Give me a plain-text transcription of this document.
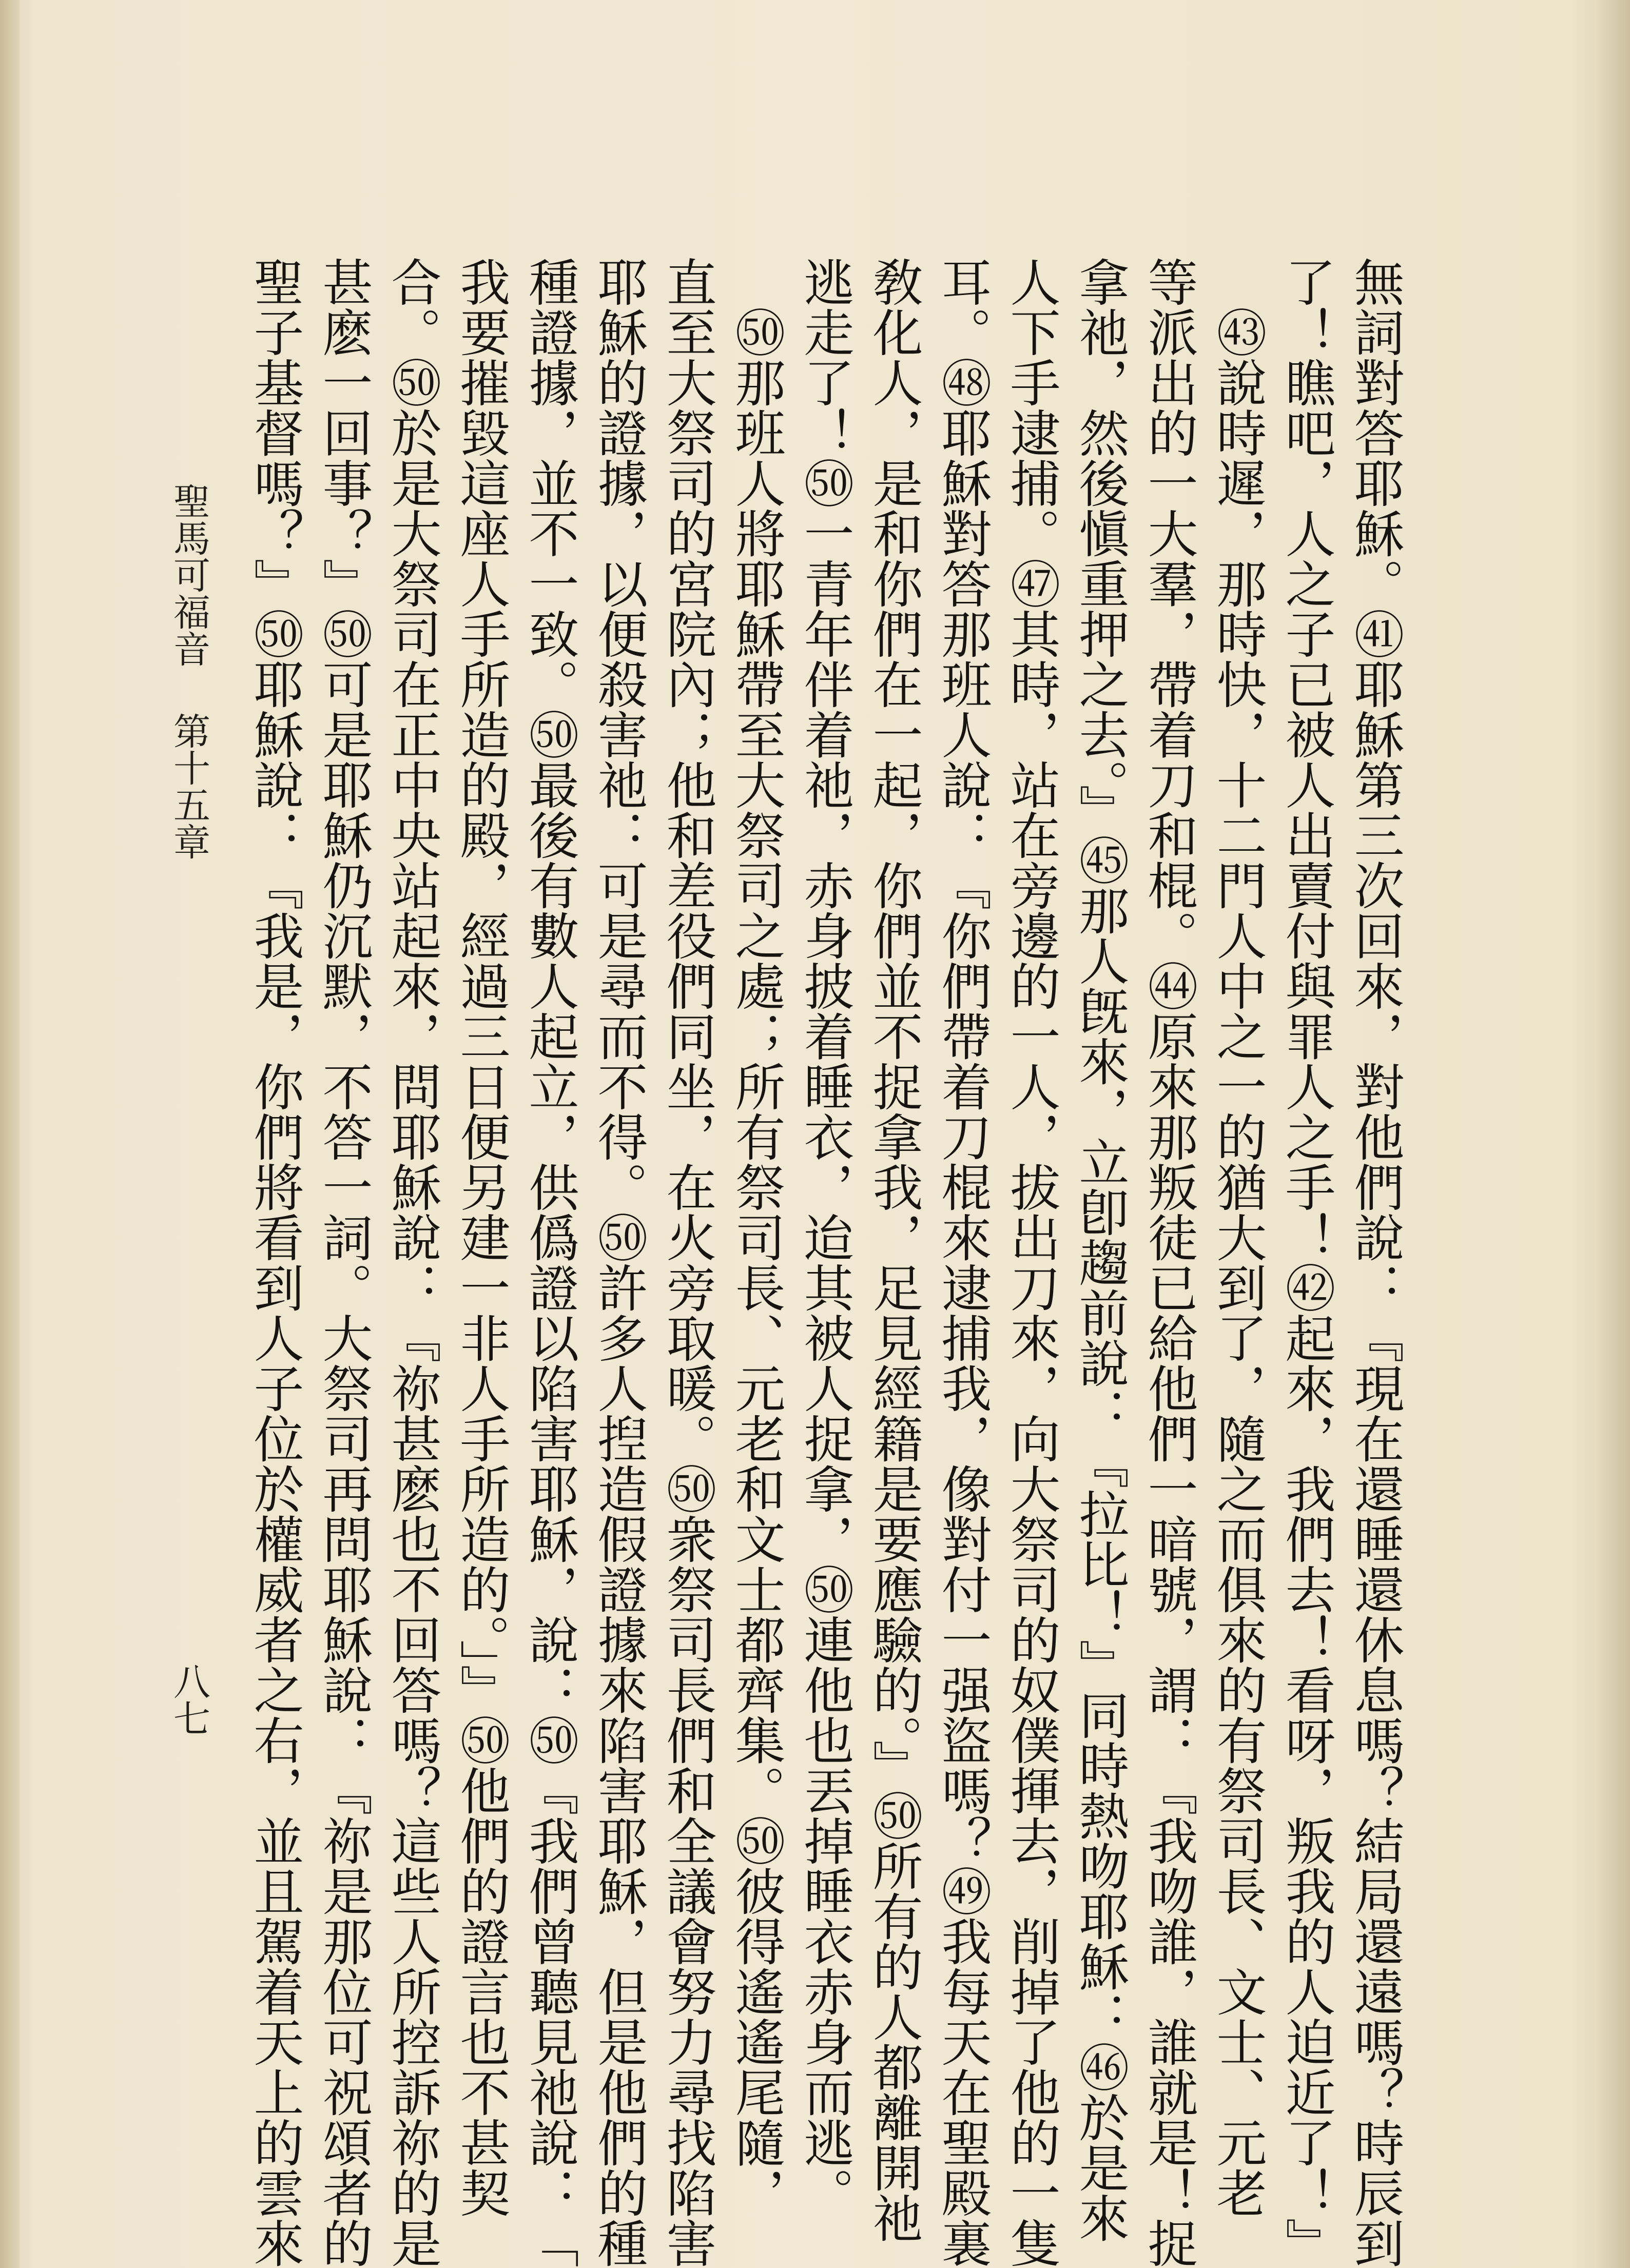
無詞對答耶穌。㊶耶穌第三次回來，對他們說：『現在還睡還休息嗎？結局還遠嗎？時辰到

了！瞧吧，人之子已被人出賣付與罪人之手！㊷起來，我們去！看呀，叛我的人迫近了！』

　㊸說時遲，那時快，十二門人中之一的猶大到了，隨之而俱來的有祭司長、文士、元老

等派出的一大羣，帶着刀和棍。㊹原來那叛徒已給他們一暗號，謂：『我吻誰，誰就是！捉

拿祂，然後愼重押之去。』㊺那人旣來，立卽趨前說：『拉比！』同時熱吻耶穌：㊻於是來

人下手逮捕。㊼其時，站在旁邊的一人，拔出刀來，向大祭司的奴僕揮去，削掉了他的一隻

耳。㊽耶穌對答那班人說：『你們帶着刀棍來逮捕我，像對付一强盜嗎？㊾我每天在聖殿裏

敎化人，是和你們在一起，你們並不捉拿我，足見經籍是要應驗的。』㊿所有的人都離開祂

逃走了！㊿一青年伴着祂，赤身披着睡衣，迨其被人捉拿，㊿連他也丟掉睡衣赤身而逃。

　㊿那班人將耶穌帶至大祭司之處；所有祭司長、元老和文士都齊集。㊿彼得遙遙尾隨，

直至大祭司的宮院內；他和差役們同坐，在火旁取暖。㊿衆祭司長們和全議會努力尋找陷害

耶穌的證據，以便殺害祂：可是尋而不得。㊿許多人揑造假證據來陷害耶穌，但是他們的種

種證據，並不一致。㊿最後有數人起立，供僞證以陷害耶穌，說：㊿『我們曾聽見祂說：「

我要摧毀這座人手所造的殿，經過三日便另建一非人手所造的。」』㊿他們的證言也不甚契

合。㊿於是大祭司在正中央站起來，問耶穌說：『祢甚麽也不回答嗎？這些人所控訴祢的是

甚麽一回事？』㊿可是耶穌仍沉默，不答一詞。大祭司再問耶穌說：『祢是那位可祝頌者的

聖子基督嗎？』㊿耶穌說：『我是，你們將看到人子位於權威者之右，並且駕着天上的雲來

聖馬可福音第十五章
八七
